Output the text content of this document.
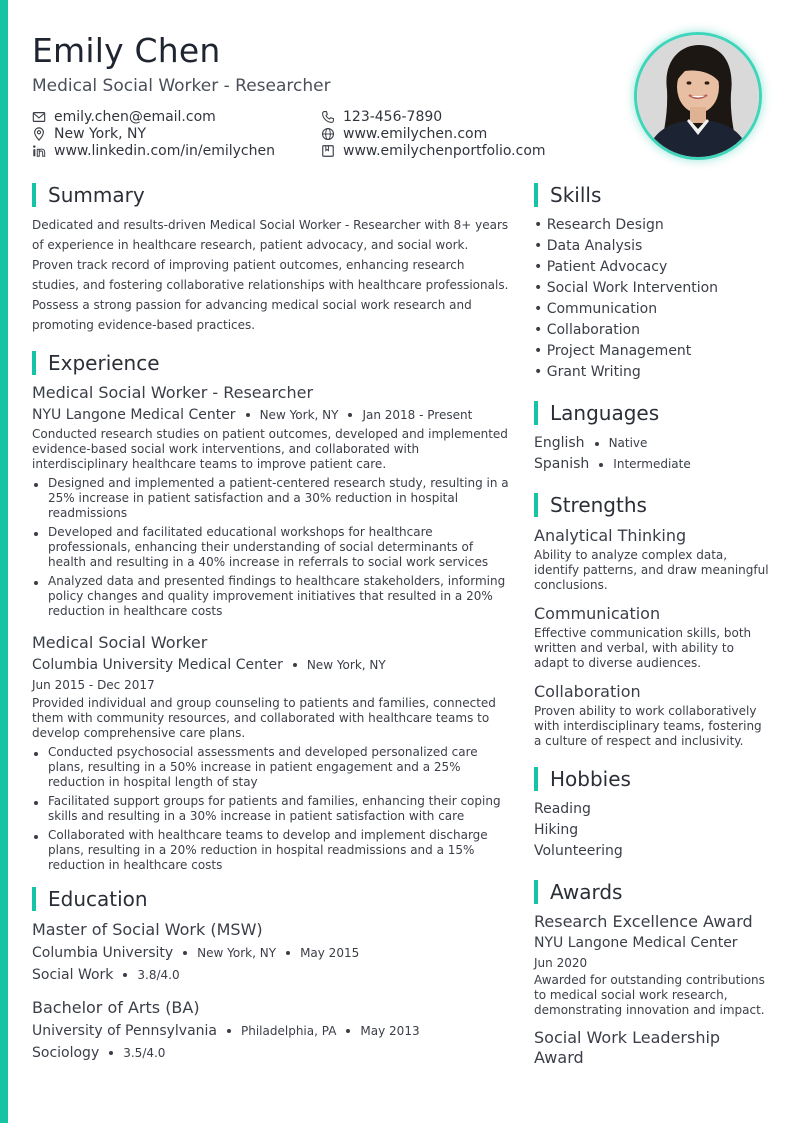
Emily Chen
Medical Social Worker - Researcher
emily.chen@email.com	123-456-7890
New York, NY	www.emilychen.com
www.linkedin.com/in/emilychen	www.emilychenportfolio.com
Summary

Dedicated and results-driven Medical Social Worker - Researcher with 8+ years of experience in healthcare research, patient advocacy, and social work. Proven track record of improving patient outcomes, enhancing research studies, and fostering collaborative relationships with healthcare professionals. Possess a strong passion for advancing medical social work research and promoting evidence-based practices.

Experience
Medical Social Worker - Researcher
NYU Langone Medical Center New York, NY Jan 2018 - Present
Conducted research studies on patient outcomes, developed and implemented evidence-based social work interventions, and collaborated with interdisciplinary healthcare teams to improve patient care.
Designed and implemented a patient-centered research study, resulting in a 25% increase in patient satisfaction and a 30% reduction in hospital readmissions
Developed and facilitated educational workshops for healthcare professionals, enhancing their understanding of social determinants of health and resulting in a 40% increase in referrals to social work services
Analyzed data and presented findings to healthcare stakeholders, informing policy changes and quality improvement initiatives that resulted in a 20% reduction in healthcare costs
Medical Social Worker
Columbia University Medical Center New York, NY
Jun 2015 - Dec 2017
Provided individual and group counseling to patients and families, connected them with community resources, and collaborated with healthcare teams to develop comprehensive care plans.
Conducted psychosocial assessments and developed personalized care plans, resulting in a 50% increase in patient engagement and a 25% reduction in hospital length of stay
Facilitated support groups for patients and families, enhancing their coping skills and resulting in a 30% increase in patient satisfaction with care
Collaborated with healthcare teams to develop and implement discharge plans, resulting in a 20% reduction in hospital readmissions and a 15% reduction in healthcare costs
Education
Master of Social Work (MSW)
Columbia University New York, NY May 2015
Social Work 3.8/4.0
Bachelor of Arts (BA)
University of Pennsylvania Philadelphia, PA May 2013
Sociology 3.5/4.0
Skills
• Research Design
• Data Analysis
• Patient Advocacy
• Social Work Intervention
• Communication
• Collaboration
• Project Management
• Grant Writing
Languages
English Native
Spanish Intermediate
Strengths
Analytical Thinking
Ability to analyze complex data, identify patterns, and draw meaningful conclusions.
Communication
Effective communication skills, both written and verbal, with ability to adapt to diverse audiences.
Collaboration
Proven ability to work collaboratively with interdisciplinary teams, fostering a culture of respect and inclusivity.
Hobbies
Reading
Hiking
Volunteering
Awards
Research Excellence Award
NYU Langone Medical Center
Jun 2020
Awarded for outstanding contributions to medical social work research, demonstrating innovation and impact.
Social Work Leadership Award
